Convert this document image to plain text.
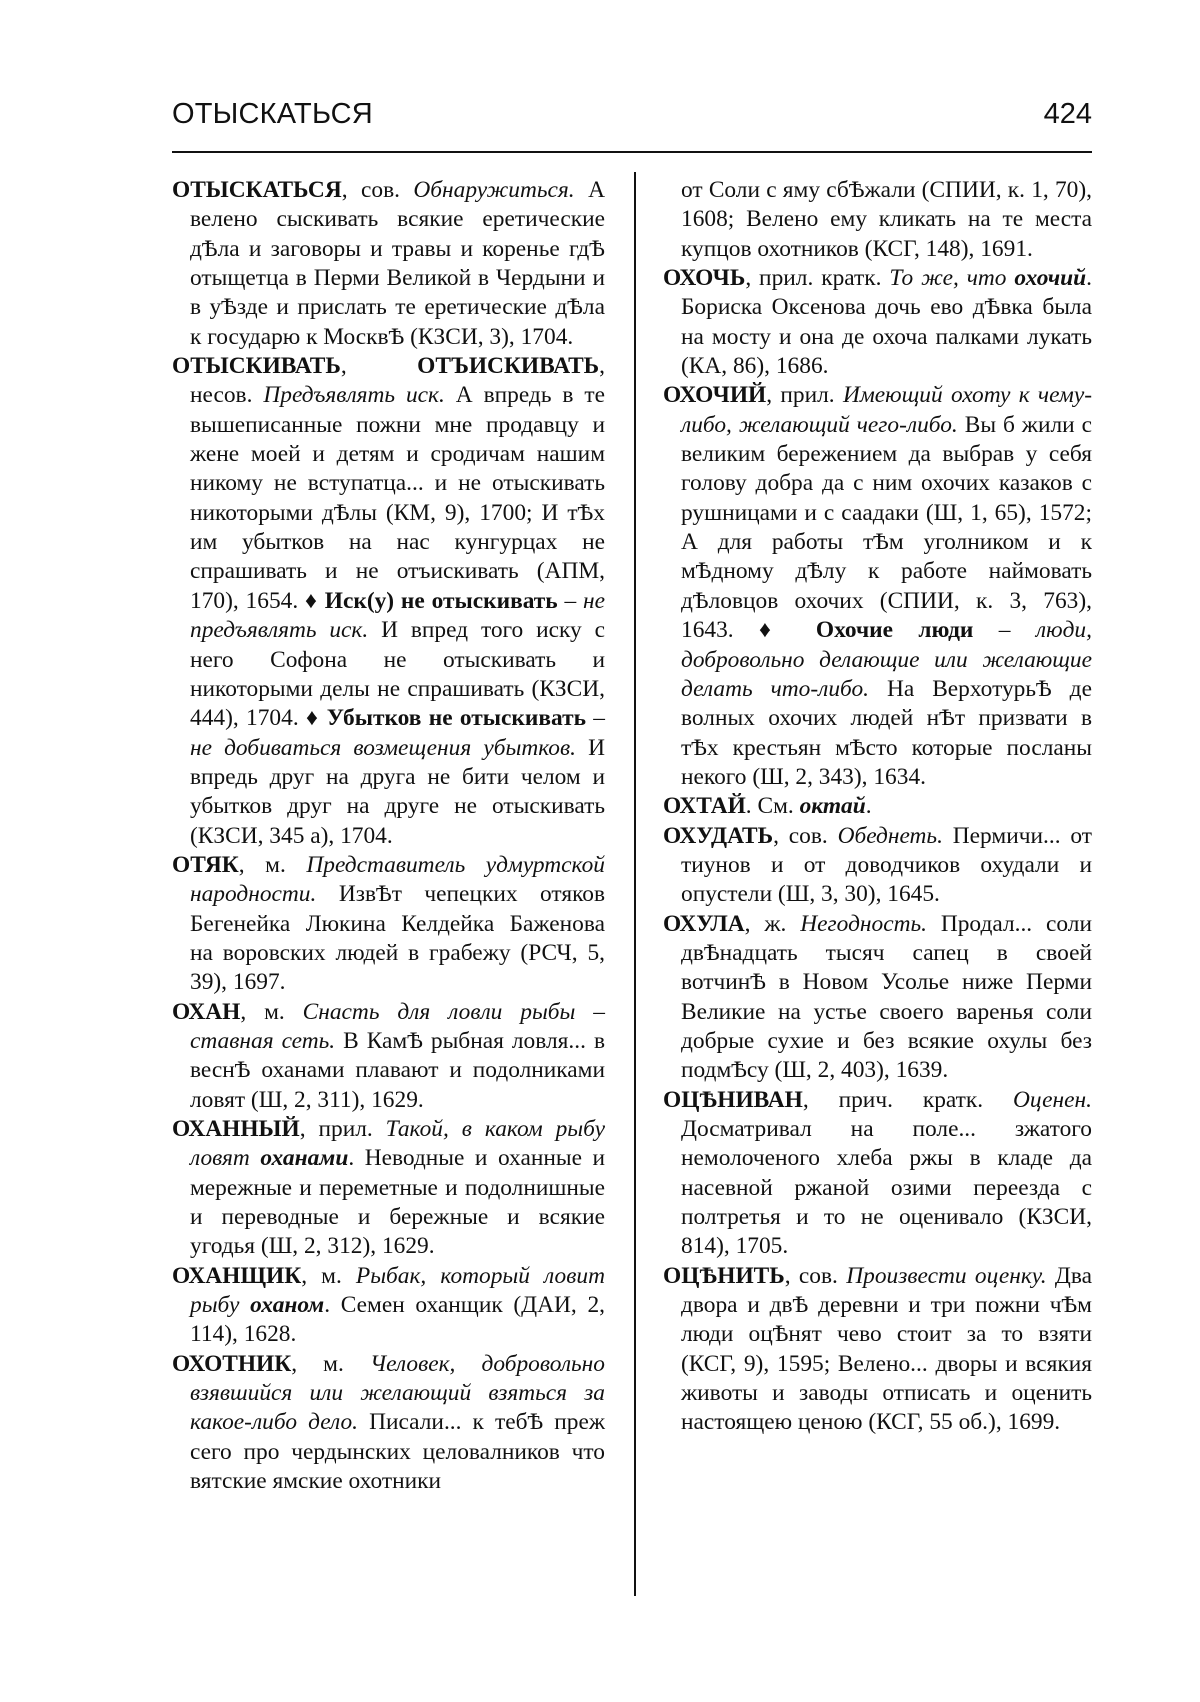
ОТЫСКАТЬСЯ	424

ОТЫСКАТЬСЯ, сов. Обнаружиться. А велено сыскивать всякие еретические дѢла и заговоры и травы и коренье гдѢ отыщетца в Перми Великой в Чердыни и в уѢзде и прислать те еретические дѢла к государю к МосквѢ (КЗСИ, 3), 1704.

ОТЫСКИВАТЬ, ОТЪИСКИВАТЬ, несов. Предъявлять иск. А впредь в те вышеписанные пожни мне продавцу и жене моей и детям и сродичам нашим никому не вступатца... и не отыскивать никоторыми дѢлы (КМ, 9), 1700; И тѢх им убытков на нас кунгурцах не спрашивать и не отъискивать (АПМ, 170), 1654. ♦ Иск(у) не отыскивать – не предъявлять иск. И впред того иску с него Софона не отыскивать и никоторыми делы не спрашивать (КЗСИ, 444), 1704. ♦ Убытков не отыскивать – не добиваться возмещения убытков. И впредь друг на друга не бити челом и убытков друг на друге не отыскивать (КЗСИ, 345 а), 1704.

ОТЯК, м. Представитель удмуртской народности. ИзвѢт чепецких отяков Бегенейка Люкина Келдейка Баженова на воровских людей в грабежу (РСЧ, 5, 39), 1697.

ОХАН, м. Снасть для ловли рыбы – ставная сеть. В КамѢ рыбная ловля... в веснѢ оханами плавают и подолниками ловят (Ш, 2, 311), 1629.

ОХАННЫЙ, прил. Такой, в каком рыбу ловят оханами. Неводные и оханные и мережные и переметные и подолнишные и переводные и бережные и всякие угодья (Ш, 2, 312), 1629.

ОХАНЩИК, м. Рыбак, который ловит рыбу оханом. Семен оханщик (ДАИ, 2, 114), 1628.

ОХОТНИК, м. Человек, добровольно взявшийся или желающий взяться за какое-либо дело. Писали... к тебѢ преж сего про чердынских целовалников что вятские ямские охотники

от Соли с яму сбѢжали (СПИИ, к. 1, 70), 1608; Велено ему кликать на те места купцов охотников (КСГ, 148), 1691.

ОХОЧЬ, прил. кратк. То же, что охочий. Бориска Оксенова дочь ево дѢвка была на мосту и она де охоча палками лукать (КА, 86), 1686.

ОХОЧИЙ, прил. Имеющий охоту к чему-либо, желающий чего-либо. Вы б жили с великим бережением да выбрав у себя голову добра да с ним охочих казаков с рушницами и с саадаки (Ш, 1, 65), 1572; А для работы тѢм уголником и к мѢдному дѢлу к работе наймовать дѢловцов охочих (СПИИ, к. 3, 763), 1643. ♦ Охочие люди – люди, добровольно делающие или желающие делать что-либо. На ВерхотурьѢ де волных охочих людей нѢт призвати в тѢх крестьян мѢсто которые посланы некого (Ш, 2, 343), 1634.

ОХТАЙ. См. октай.

ОХУДАТЬ, сов. Обеднеть. Пермичи... от тиунов и от доводчиков охудали и опустели (Ш, 3, 30), 1645.

ОХУЛА, ж. Негодность. Продал... соли двѢнадцать тысяч сапец в своей вотчинѢ в Новом Усолье ниже Перми Великие на устье своего варенья соли добрые сухие и без всякие охулы без подмѢсу (Ш, 2, 403), 1639.

ОЦѢНИВАН, прич. кратк. Оценен. Досматривал на поле... зжатого немолоченого хлеба ржы в кладе да насевной ржаной озими переезда с полтретья и то не оценивало (КЗСИ, 814), 1705.

ОЦѢНИТЬ, сов. Произвести оценку. Два двора и двѢ деревни и три пожни чѢм люди оцѢнят чево стоит за то взяти (КСГ, 9), 1595; Велено... дворы и всякия животы и заводы отписать и оценить настоящею ценою (КСГ, 55 об.), 1699.
